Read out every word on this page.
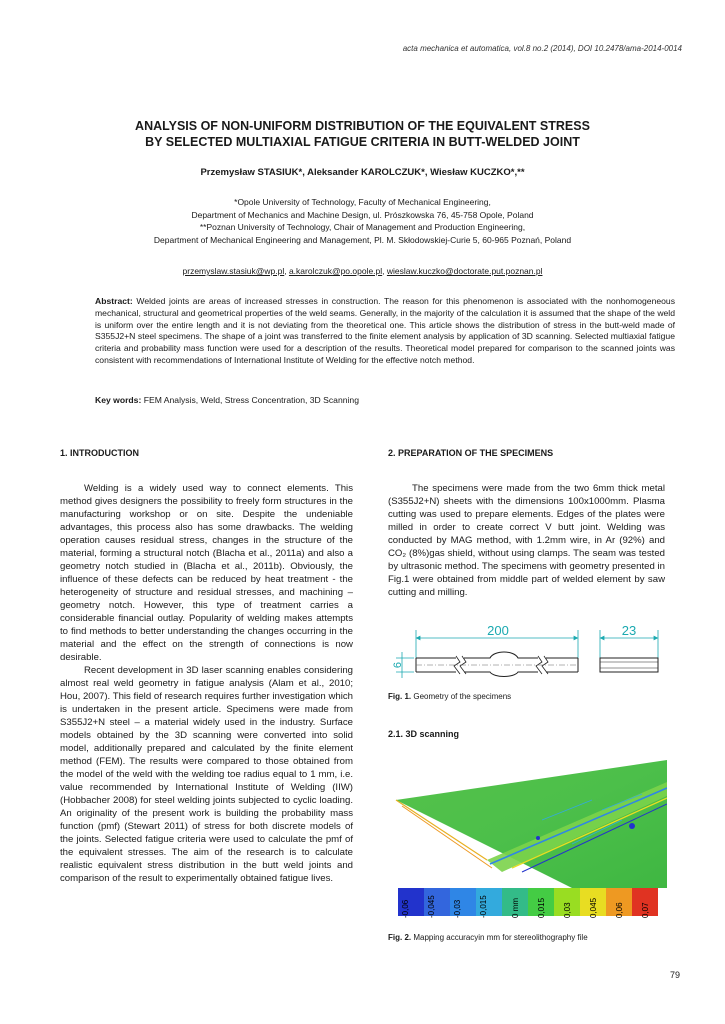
acta mechanica et automatica, vol.8 no.2 (2014), DOI 10.2478/ama-2014-0014
ANALYSIS OF NON-UNIFORM DISTRIBUTION OF THE EQUIVALENT STRESS
BY SELECTED MULTIAXIAL FATIGUE CRITERIA IN BUTT-WELDED JOINT
Przemysław STASIUK*, Aleksander KAROLCZUK*, Wiesław KUCZKO*,**
*Opole University of Technology, Faculty of Mechanical Engineering,
Department of Mechanics and Machine Design, ul. Prószkowska 76, 45-758 Opole, Poland
**Poznan University of Technology, Chair of Management and Production Engineering,
Department of Mechanical Engineering and Management, Pl. M. Skłodowskiej-Curie 5, 60-965 Poznań, Poland
przemyslaw.stasiuk@wp.pl, a.karolczuk@po.opole.pl, wieslaw.kuczko@doctorate.put.poznan.pl
Abstract: Welded joints are areas of increased stresses in construction. The reason for this phenomenon is associated with the nonhomogeneous mechanical, structural and geometrical properties of the weld seams. Generally, in the majority of the calculation it is assumed that the shape of the weld is uniform over the entire length and it is not deviating from the theoretical one. This article shows the distribution of stress in the butt-weld made of S355J2+N steel specimens. The shape of a joint was transferred to the finite element analysis by application of 3D scanning. Selected multiaxial fatigue criteria and probability mass function were used for a description of the results. Theoretical model prepared for comparison to the scanned joints was consistent with recommendations of International Institute of Welding for the effective notch method.
Key words: FEM Analysis, Weld, Stress Concentration, 3D Scanning
1. INTRODUCTION

Welding is a widely used way to connect elements. This method gives designers the possibility to freely form structures in the manufacturing workshop or on site. Despite the undeniable advantages, this process also has some drawbacks. The welding operation causes residual stress, changes in the structure of the material, forming a structural notch (Blacha et al., 2011a) and also a geometry notch studied in (Blacha et al., 2011b). Obviously, the influence of these defects can be reduced by heat treatment - the heterogeneity of structure and residual stresses, and machining – geometry notch. However, this type of treatment carries a considerable financial outlay. Popularity of welding makes attempts to find methods to better understanding the changes occurring in the material and the effect on the strength of connections is now desirable.

Recent development in 3D laser scanning enables considering almost real weld geometry in fatigue analysis (Alam et al., 2010; Hou, 2007). This field of research requires further investigation which is undertaken in the present article. Specimens were made from S355J2+N steel – a material widely used in the industry. Surface models obtained by the 3D scanning were converted into solid model, additionally prepared and calculated by the finite element method (FEM). The results were compared to those obtained from the model of the weld with the welding toe radius equal to 1 mm, i.e. value recommended by International Institute of Welding (IIW) (Hobbacher 2008) for steel welding joints subjected to cyclic loading. An originality of the present work is building the probability mass function (pmf) (Stewart 2011) of stress for both discrete models of the joints. Selected fatigue criteria were used to calculate the pmf of the equivalent stresses. The aim of the research is to calculate realistic equivalent stress distribution in the butt weld joints and comparison of the result to experimentally obtained fatigue lives.

2. PREPARATION OF THE SPECIMENS

The specimens were made from the two 6mm thick metal (S355J2+N) sheets with the dimensions 100x1000mm. Plasma cutting was used to prepare elements. Edges of the plates were milled in order to create correct V butt joint. Welding was conducted by MAG method, with 1.2mm wire, in Ar (92%) and CO₂ (8%)gas shield, without using clamps. The seam was tested by ultrasonic method. The specimens with geometry presented in Fig.1 were obtained from middle part of welded element by saw cutting and milling.

200
6
23
Fig. 1. Geometry of the specimens
2.1. 3D scanning
-0,06 -0,045 -0,03 -0,015	0 mm 0,015 0,03 0,045 0,06 0,07
Fig. 2. Mapping accuracyin mm for stereolithography file
79
